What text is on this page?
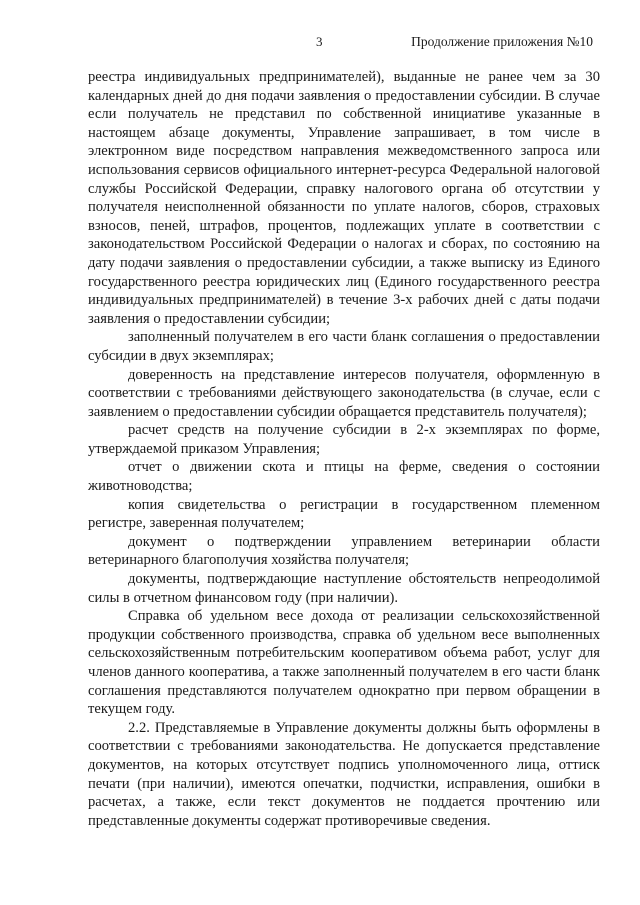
3	Продолжение приложения №10

реестра индивидуальных предпринимателей), выданные не ранее чем за 30 календарных дней до дня подачи заявления о предоставлении субсидии. В случае если получатель не представил по собственной инициативе указанные в настоящем абзаце документы, Управление запрашивает, в том числе в электронном виде посредством направления межведомственного запроса или использования сервисов официального интернет-ресурса Федеральной налоговой службы Российской Федерации, справку налогового органа об отсутствии у получателя неисполненной обязанности по уплате налогов, сборов, страховых взносов, пеней, штрафов, процентов, подлежащих уплате в соответствии с законодательством Российской Федерации о налогах и сборах, по состоянию на дату подачи заявления о предоставлении субсидии, а также выписку из Единого государственного реестра юридических лиц (Единого государственного реестра индивидуальных предпринимателей) в течение 3-х рабочих дней с даты подачи заявления о предоставлении субсидии;

заполненный получателем в его части бланк соглашения о предоставлении субсидии в двух экземплярах;

доверенность на представление интересов получателя, оформленную в соответствии с требованиями действующего законодательства (в случае, если с заявлением о предоставлении субсидии обращается представитель получателя);

расчет средств на получение субсидии в 2-х экземплярах по форме, утверждаемой приказом Управления;

отчет о движении скота и птицы на ферме, сведения о состоянии животноводства;

копия свидетельства о регистрации в государственном племенном регистре, заверенная получателем;

документ о подтверждении управлением ветеринарии области ветеринарного благополучия хозяйства получателя;

документы, подтверждающие наступление обстоятельств непреодолимой силы в отчетном финансовом году (при наличии).

Справка об удельном весе дохода от реализации сельскохозяйственной продукции собственного производства, справка об удельном весе выполненных сельскохозяйственным потребительским кооперативом объема работ, услуг для членов данного кооператива, а также заполненный получателем в его части бланк соглашения представляются получателем однократно при первом обращении в текущем году.

2.2. Представляемые в Управление документы должны быть оформлены в соответствии с требованиями законодательства. Не допускается представление документов, на которых отсутствует подпись уполномоченного лица, оттиск печати (при наличии), имеются опечатки, подчистки, исправления, ошибки в расчетах, а также, если текст документов не поддается прочтению или представленные документы содержат противоречивые сведения.
